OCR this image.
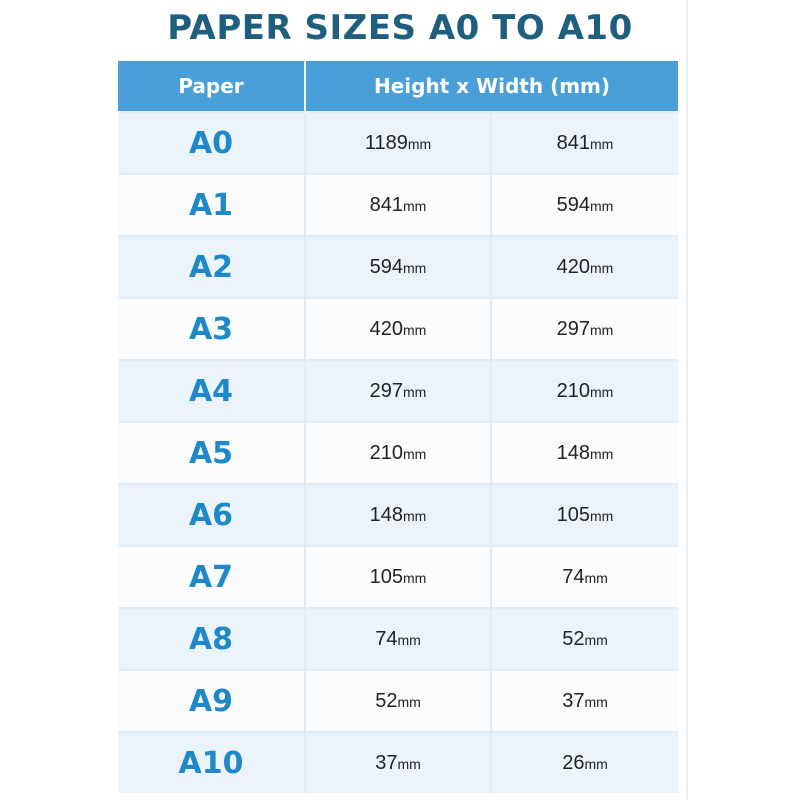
PAPER SIZES A0 TO A10
Paper	Height x Width (mm)	
A0	1189mm	841mm
A1	841mm	594mm
A2	594mm	420mm
A3	420mm	297mm
A4	297mm	210mm
A5	210mm	148mm
A6	148mm	105mm
A7	105mm	74mm
A8	74mm	52mm
A9	52mm	37mm
A10	37mm	26mm
